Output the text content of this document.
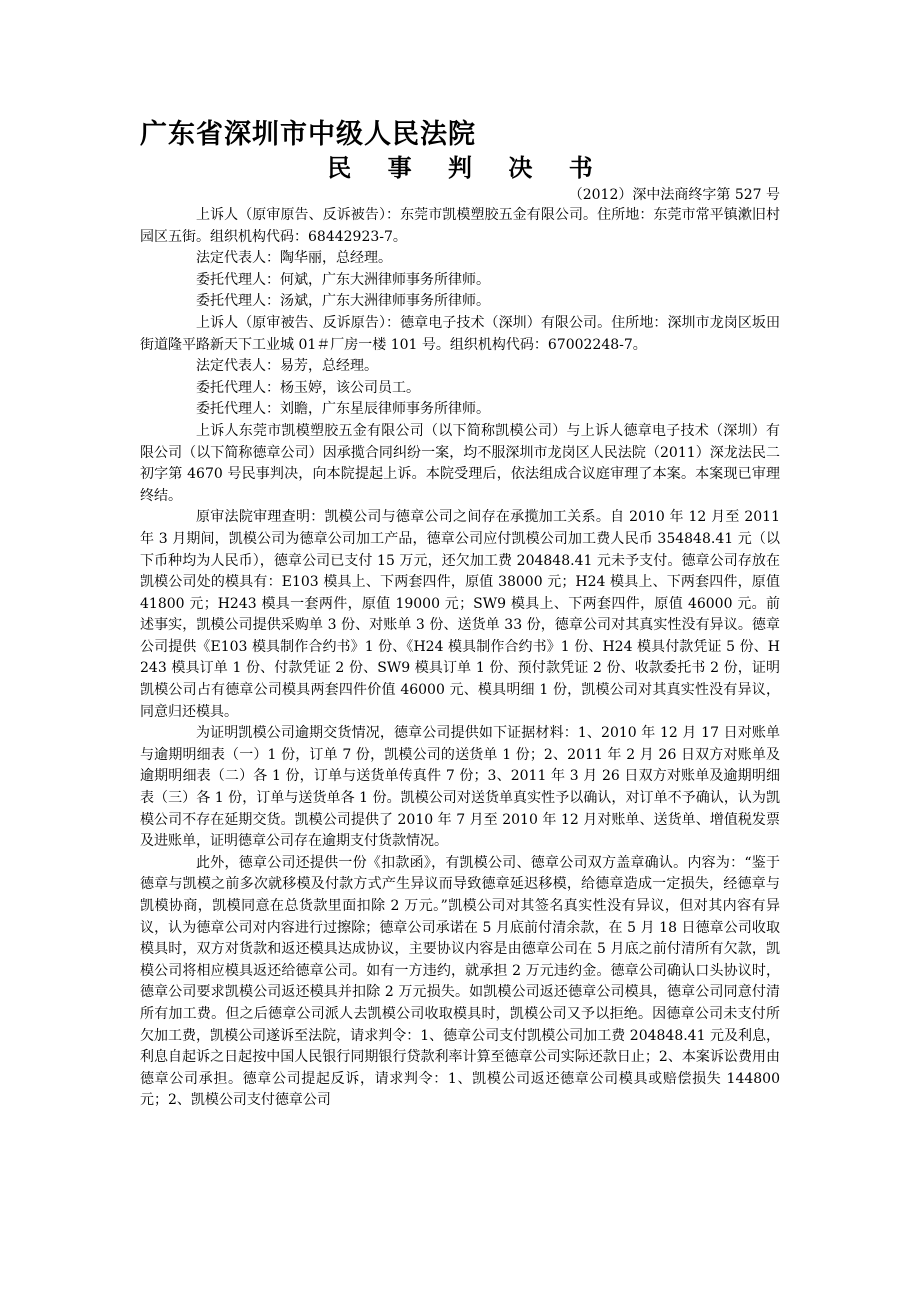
广东省深圳市中级人民法院
民 事 判 决 书
（2012）深中法商终字第 527 号

上诉人（原审原告、反诉被告）：东莞市凯模塑胶五金有限公司。住所地：东莞市常平镇漱旧村园区五街。组织机构代码：68442923-7。

法定代表人：陶华丽，总经理。

委托代理人：何斌，广东大洲律师事务所律师。

委托代理人：汤斌，广东大洲律师事务所律师。

上诉人（原审被告、反诉原告）：德章电子技术（深圳）有限公司。住所地：深圳市龙岗区坂田街道隆平路新天下工业城 01＃厂房一楼 101 号。组织机构代码：67002248-7。

法定代表人：易芳，总经理。

委托代理人：杨玉婷，该公司员工。

委托代理人：刘瞻，广东星辰律师事务所律师。

上诉人东莞市凯模塑胶五金有限公司（以下简称凯模公司）与上诉人德章电子技术（深圳）有限公司（以下简称德章公司）因承揽合同纠纷一案，均不服深圳市龙岗区人民法院（2011）深龙法民二初字第 4670 号民事判决，向本院提起上诉。本院受理后，依法组成合议庭审理了本案。本案现已审理终结。

原审法院审理查明：凯模公司与德章公司之间存在承揽加工关系。自 2010 年 12 月至 2011 年 3 月期间，凯模公司为德章公司加工产品，德章公司应付凯模公司加工费人民币 354848.41 元（以下币种均为人民币），德章公司已支付 15 万元，还欠加工费 204848.41 元未予支付。德章公司存放在凯模公司处的模具有：E103 模具上、下两套四件，原值 38000 元；H24 模具上、下两套四件，原值 41800 元；H243 模具一套两件，原值 19000 元；SW9 模具上、下两套四件，原值 46000 元。前述事实，凯模公司提供采购单 3 份、对账单 3 份、送货单 33 份，德章公司对其真实性没有异议。德章公司提供《E103 模具制作合约书》1 份、《H24 模具制作合约书》1 份、H24 模具付款凭证 5 份、H243 模具订单 1 份、付款凭证 2 份、SW9 模具订单 1 份、预付款凭证 2 份、收款委托书 2 份，证明凯模公司占有德章公司模具两套四件价值 46000 元、模具明细 1 份，凯模公司对其真实性没有异议，同意归还模具。

为证明凯模公司逾期交货情况，德章公司提供如下证据材料：1、2010 年 12 月 17 日对账单与逾期明细表（一）1 份，订单 7 份，凯模公司的送货单 1 份；2、2011 年 2 月 26 日双方对账单及逾期明细表（二）各 1 份，订单与送货单传真件 7 份；3、2011 年 3 月 26 日双方对账单及逾期明细表（三）各 1 份，订单与送货单各 1 份。凯模公司对送货单真实性予以确认，对订单不予确认，认为凯模公司不存在延期交货。凯模公司提供了 2010 年 7 月至 2010 年 12 月对账单、送货单、增值税发票及进账单，证明德章公司存在逾期支付货款情况。

此外，德章公司还提供一份《扣款函》，有凯模公司、德章公司双方盖章确认。内容为：“鉴于德章与凯模之前多次就移模及付款方式产生异议而导致德章延迟移模，给德章造成一定损失，经德章与凯模协商，凯模同意在总货款里面扣除 2 万元。”凯模公司对其签名真实性没有异议，但对其内容有异议，认为德章公司对内容进行过擦除；德章公司承诺在 5 月底前付清余款，在 5 月 18 日德章公司收取模具时，双方对货款和返还模具达成协议，主要协议内容是由德章公司在 5 月底之前付清所有欠款，凯模公司将相应模具返还给德章公司。如有一方违约，就承担 2 万元违约金。德章公司确认口头协议时，德章公司要求凯模公司返还模具并扣除 2 万元损失。如凯模公司返还德章公司模具，德章公司同意付清所有加工费。但之后德章公司派人去凯模公司收取模具时，凯模公司又予以拒绝。因德章公司未支付所欠加工费，凯模公司遂诉至法院，请求判令：1、德章公司支付凯模公司加工费 204848.41 元及利息，利息自起诉之日起按中国人民银行同期银行贷款利率计算至德章公司实际还款日止；2、本案诉讼费用由德章公司承担。德章公司提起反诉，请求判令：1、凯模公司返还德章公司模具或赔偿损失 144800 元；2、凯模公司支付德章公司
